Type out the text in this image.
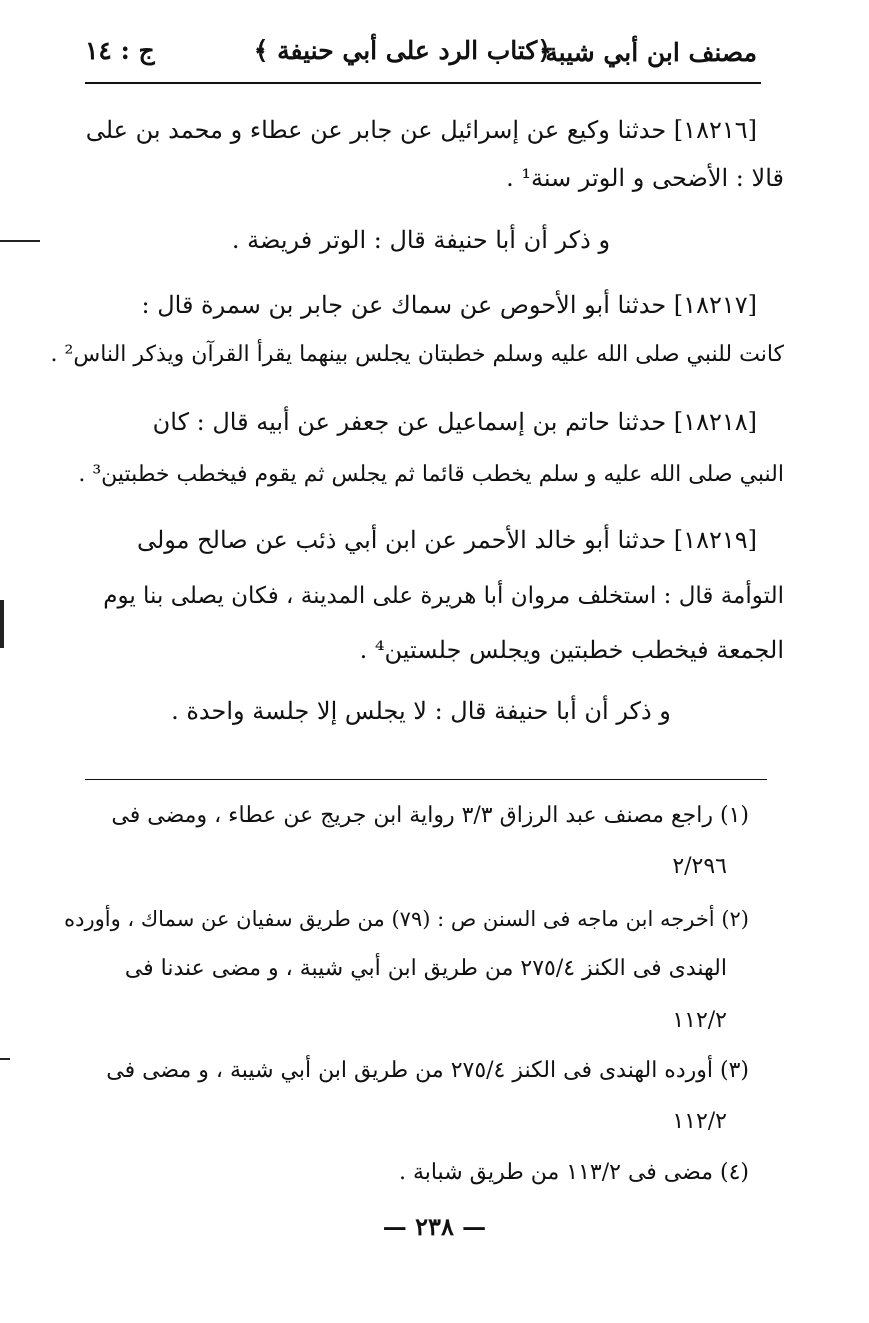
مصنف ابن أبي شيبة
﴿كتاب الرد على أبي حنيفة ﴾
ج : ١٤
[١٨٢١٦] حدثنا وكيع عن إسرائيل عن جابر عن عطاء و محمد بن على
قالا : الأضحى و الوتر سنة¹ .
و ذكر أن أبا حنيفة قال : الوتر فريضة .
[١٨٢١٧] حدثنا أبو الأحوص عن سماك عن جابر بن سمرة قال :
كانت للنبي صلى الله عليه وسلم خطبتان يجلس بينهما يقرأ القرآن ويذكر الناس² .
[١٨٢١٨] حدثنا حاتم بن إسماعيل عن جعفر عن أبيه قال : كان
النبي صلى الله عليه و سلم يخطب قائما ثم يجلس ثم يقوم فيخطب خطبتين³ .
[١٨٢١٩] حدثنا أبو خالد الأحمر عن ابن أبي ذئب عن صالح مولى
التوأمة قال : استخلف مروان أبا هريرة على المدينة ، فكان يصلى بنا يوم
الجمعة فيخطب خطبتين ويجلس جلستين⁴ .
و ذكر أن أبا حنيفة قال : لا يجلس إلا جلسة واحدة .
(١) راجع مصنف عبد الرزاق ٣/٣ رواية ابن جريج عن عطاء ، ومضى فى
٢/٢٩٦
(٢) أخرجه ابن ماجه فى السنن ص : (٧٩) من طريق سفيان عن سماك ، وأورده
الهندى فى الكنز ٢٧٥/٤ من طريق ابن أبي شيبة ، و مضى عندنا فى
١١٢/٢
(٣) أورده الهندى فى الكنز ٢٧٥/٤ من طريق ابن أبي شيبة ، و مضى فى
١١٢/٢
(٤) مضى فى ١١٣/٢ من طريق شبابة .
— ٢٣٨ —
